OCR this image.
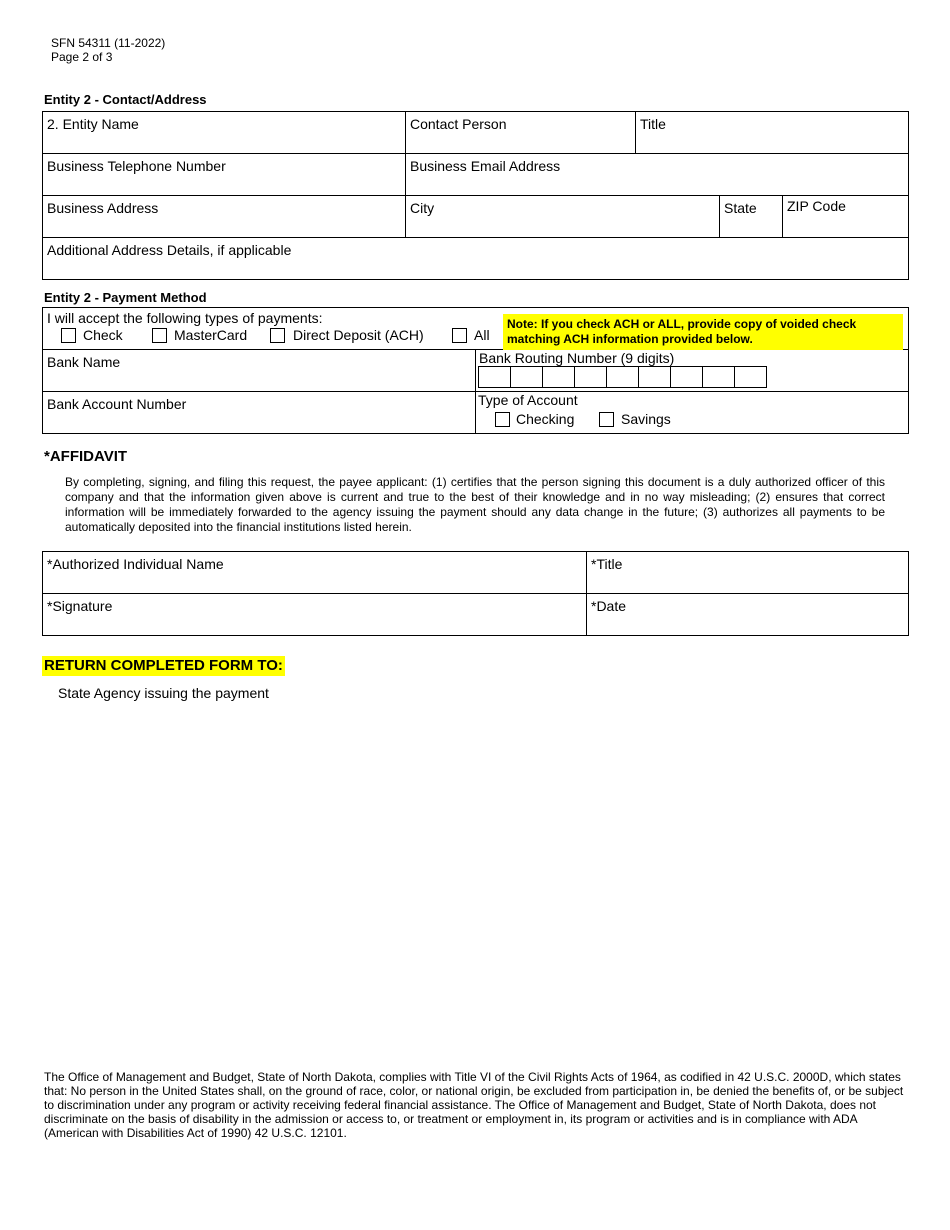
SFN 54311 (11-2022)
Page 2 of 3
Entity 2 - Contact/Address
2. Entity Name	Contact Person	Title
Business Telephone Number	Business Email Address
Business Address	City	State	ZIP Code
Additional Address Details, if applicable
Entity 2 - Payment Method
I will accept the following types of payments:
Check	MasterCard	Direct Deposit (ACH)	All
Note: If you check ACH or ALL, provide copy of voided check matching ACH information provided below.
Bank Name	Bank Routing Number (9 digits)
Bank Account Number	Type of Account
Checking	Savings
*AFFIDAVIT
By completing, signing, and filing this request, the payee applicant: (1) certifies that the person signing this document is a duly authorized officer of this company and that the information given above is current and true to the best of their knowledge and in no way misleading; (2) ensures that correct information will be immediately forwarded to the agency issuing the payment should any data change in the future; (3) authorizes all payments to be automatically deposited into the financial institutions listed herein.
*Authorized Individual Name	*Title
*Signature	*Date
RETURN COMPLETED FORM TO:
State Agency issuing the payment
The Office of Management and Budget, State of North Dakota, complies with Title VI of the Civil Rights Acts of 1964, as codified in 42 U.S.C. 2000D, which states that: No person in the United States shall, on the ground of race, color, or national origin, be excluded from participation in, be denied the benefits of, or be subject to discrimination under any program or activity receiving federal financial assistance. The Office of Management and Budget, State of North Dakota, does not discriminate on the basis of disability in the admission or access to, or treatment or employment in, its program or activities and is in compliance with ADA (American with Disabilities Act of 1990) 42 U.S.C. 12101.
